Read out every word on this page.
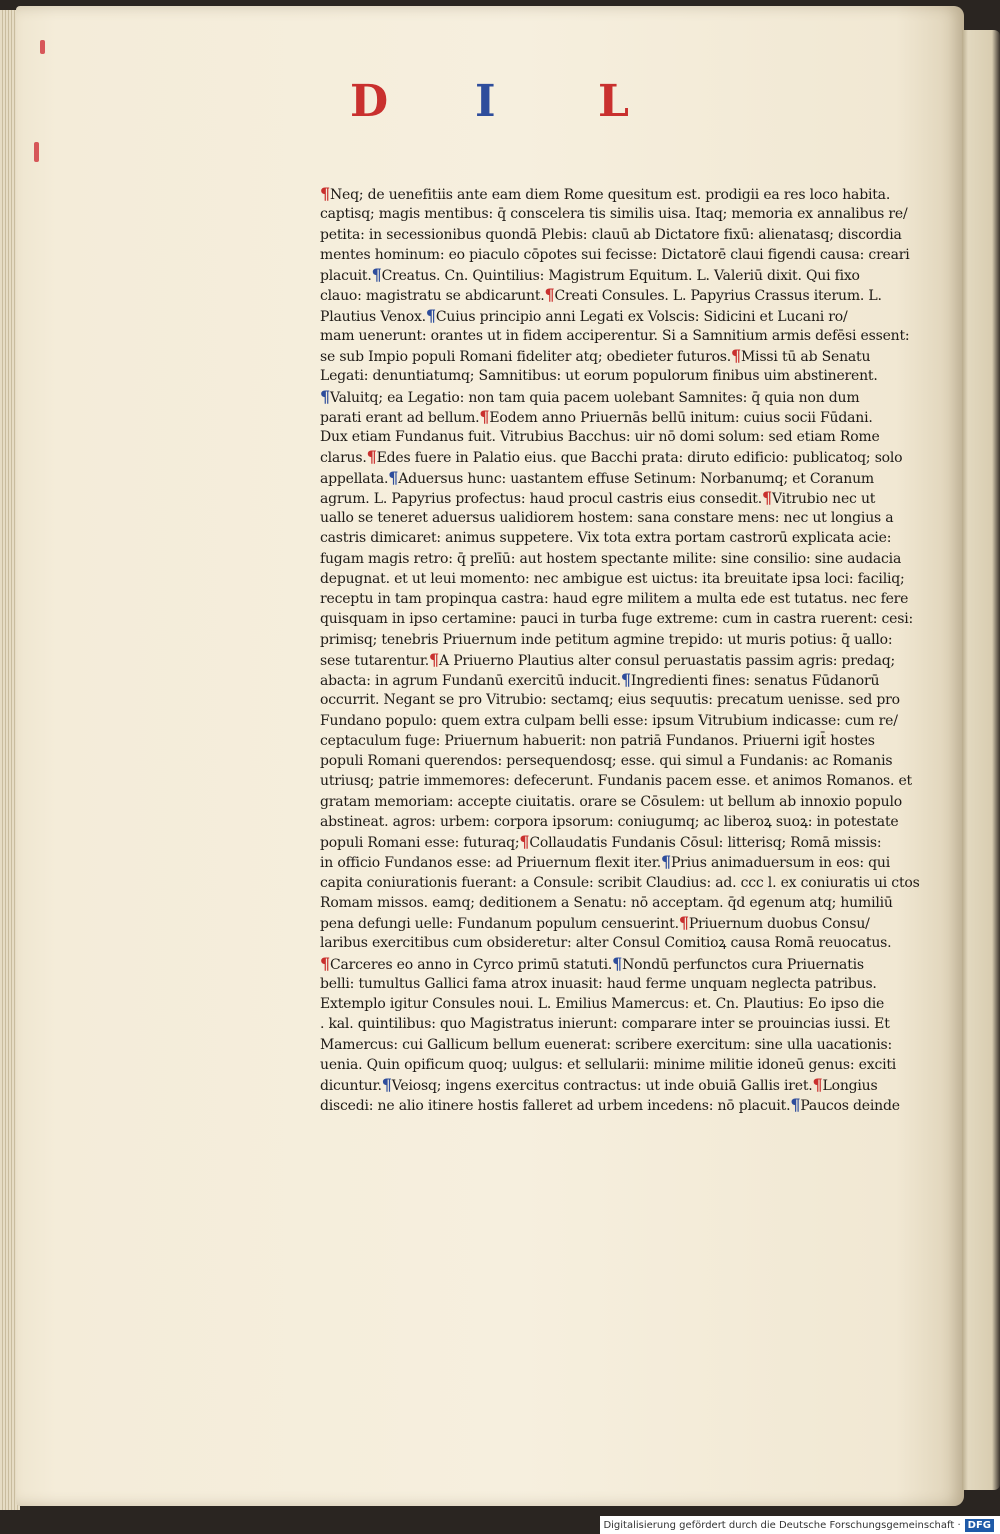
D I L
¶Neq; de uenefitiis ante eam diem Rome quesitum est. prodigii ea res loco habita.
captisq; magis mentibus: q̄ conscelera tis similis uisa. Itaq; memoria ex annalibus re/
petita: in secessionibus quondā Plebis: clauū ab Dictatore fixū: alienatasq; discordia
mentes hominum: eo piaculo cōpotes sui fecisse: Dictatorē claui figendi causa: creari
placuit.¶Creatus. Cn. Quintilius: Magistrum Equitum. L. Valeriū dixit. Qui fixo
clauo: magistratu se abdicarunt.¶Creati Consules. L. Papyrius Crassus iterum. L.
Plautius Venox.¶Cuius principio anni Legati ex Volscis: Sidicini et Lucani ro/
mam uenerunt: orantes ut in fidem acciperentur. Si a Samnitium armis defēsi essent:
se sub Impio populi Romani fideliter atq; obedieter futuros.¶Missi tū ab Senatu
Legati: denuntiatumq; Samnitibus: ut eorum populorum finibus uim abstinerent.
¶Valuitq; ea Legatio: non tam quia pacem uolebant Samnites: q̄ quia non dum
parati erant ad bellum.¶Eodem anno Priuernās bellū initum: cuius socii Fūdani.
Dux etiam Fundanus fuit. Vitrubius Bacchus: uir nō domi solum: sed etiam Rome
clarus.¶Edes fuere in Palatio eius. que Bacchi prata: diruto edificio: publicatoq; solo
appellata.¶Aduersus hunc: uastantem effuse Setinum: Norbanumq; et Coranum
agrum. L. Papyrius profectus: haud procul castris eius consedit.¶Vitrubio nec ut
uallo se teneret aduersus ualidiorem hostem: sana constare mens: nec ut longius a
castris dimicaret: animus suppetere. Vix tota extra portam castrorū explicata acie:
fugam magis retro: q̄ prelīū: aut hostem spectante milite: sine consilio: sine audacia
depugnat. et ut leui momento: nec ambigue est uictus: ita breuitate ipsa loci: faciliq;
receptu in tam propinqua castra: haud egre militem a multa ede est tutatus. nec fere
quisquam in ipso certamine: pauci in turba fuge extreme: cum in castra ruerent: cesi:
primisq; tenebris Priuernum inde petitum agmine trepido: ut muris potius: q̄ uallo:
sese tutarentur.¶A Priuerno Plautius alter consul peruastatis passim agris: predaq;
abacta: in agrum Fundanū exercitū inducit.¶Ingredienti fines: senatus Fūdanorū
occurrit. Negant se pro Vitrubio: sectamq; eius sequutis: precatum uenisse. sed pro
Fundano populo: quem extra culpam belli esse: ipsum Vitrubium indicasse: cum re/
ceptaculum fuge: Priuernum habuerit: non patriā Fundanos. Priuerni igit̄ hostes
populi Romani querendos: persequendosq; esse. qui simul a Fundanis: ac Romanis
utriusq; patrie immemores: defecerunt. Fundanis pacem esse. et animos Romanos. et
gratam memoriam: accepte ciuitatis. orare se Cōsulem: ut bellum ab innoxio populo
abstineat. agros: urbem: corpora ipsorum: coniugumq; ac liberoꝝ suoꝝ: in potestate
populi Romani esse: futuraq;¶Collaudatis Fundanis Cōsul: litterisq; Romā missis:
in officio Fundanos esse: ad Priuernum flexit iter.¶Prius animaduersum in eos: qui
capita coniurationis fuerant: a Consule: scribit Claudius: ad. ccc l. ex coniuratis ui ctos
Romam missos. eamq; deditionem a Senatu: nō acceptam. q̄d egenum atq; humiliū
pena defungi uelle: Fundanum populum censuerint.¶Priuernum duobus Consu/
laribus exercitibus cum obsideretur: alter Consul Comitioꝝ causa Romā reuocatus.
¶Carceres eo anno in Cyrco primū statuti.¶Nondū perfunctos cura Priuernatis
belli: tumultus Gallici fama atrox inuasit: haud ferme unquam neglecta patribus.
Extemplo igitur Consules noui. L. Emilius Mamercus: et. Cn. Plautius: Eo ipso die
. kal. quintilibus: quo Magistratus inierunt: comparare inter se prouincias iussi. Et
Mamercus: cui Gallicum bellum euenerat: scribere exercitum: sine ulla uacationis:
uenia. Quin opificum quoq; uulgus: et sellularii: minime militie idoneū genus: exciti
dicuntur.¶Veiosq; ingens exercitus contractus: ut inde obuiā Gallis iret.¶Longius
discedi: ne alio itinere hostis falleret ad urbem incedens: nō placuit.¶Paucos deinde
Digitalisierung gefördert durch die Deutsche Forschungsgemeinschaft · DFG
